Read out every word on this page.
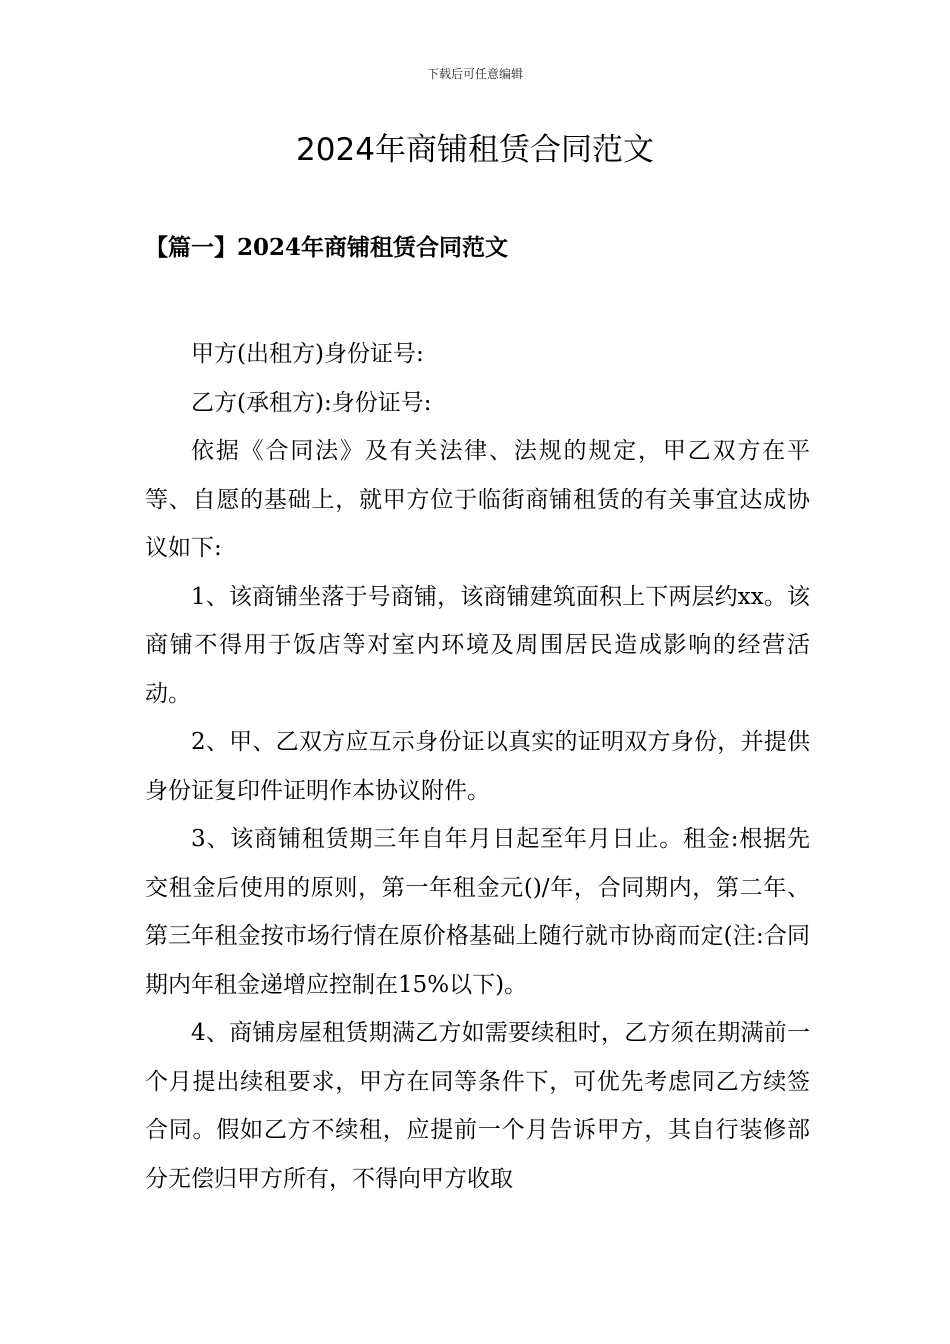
下载后可任意编辑
2024年商铺租赁合同范文
【篇一】2024年商铺租赁合同范文

甲方(出租方)身份证号:

乙方(承租方):身份证号:

依据《合同法》及有关法律、法规的规定，甲乙双方在平等、自愿的基础上，就甲方位于临街商铺租赁的有关事宜达成协议如下:

1、该商铺坐落于号商铺，该商铺建筑面积上下两层约xx。该商铺不得用于饭店等对室内环境及周围居民造成影响的经营活动。

2、甲、乙双方应互示身份证以真实的证明双方身份，并提供身份证复印件证明作本协议附件。

3、该商铺租赁期三年自年月日起至年月日止。租金:根据先交租金后使用的原则，第一年租金元()/年，合同期内，第二年、第三年租金按市场行情在原价格基础上随行就市协商而定(注:合同期内年租金递增应控制在15%以下)。

4、商铺房屋租赁期满乙方如需要续租时，乙方须在期满前一个月提出续租要求，甲方在同等条件下，可优先考虑同乙方续签合同。假如乙方不续租，应提前一个月告诉甲方，其自行装修部分无偿归甲方所有，不得向甲方收取
